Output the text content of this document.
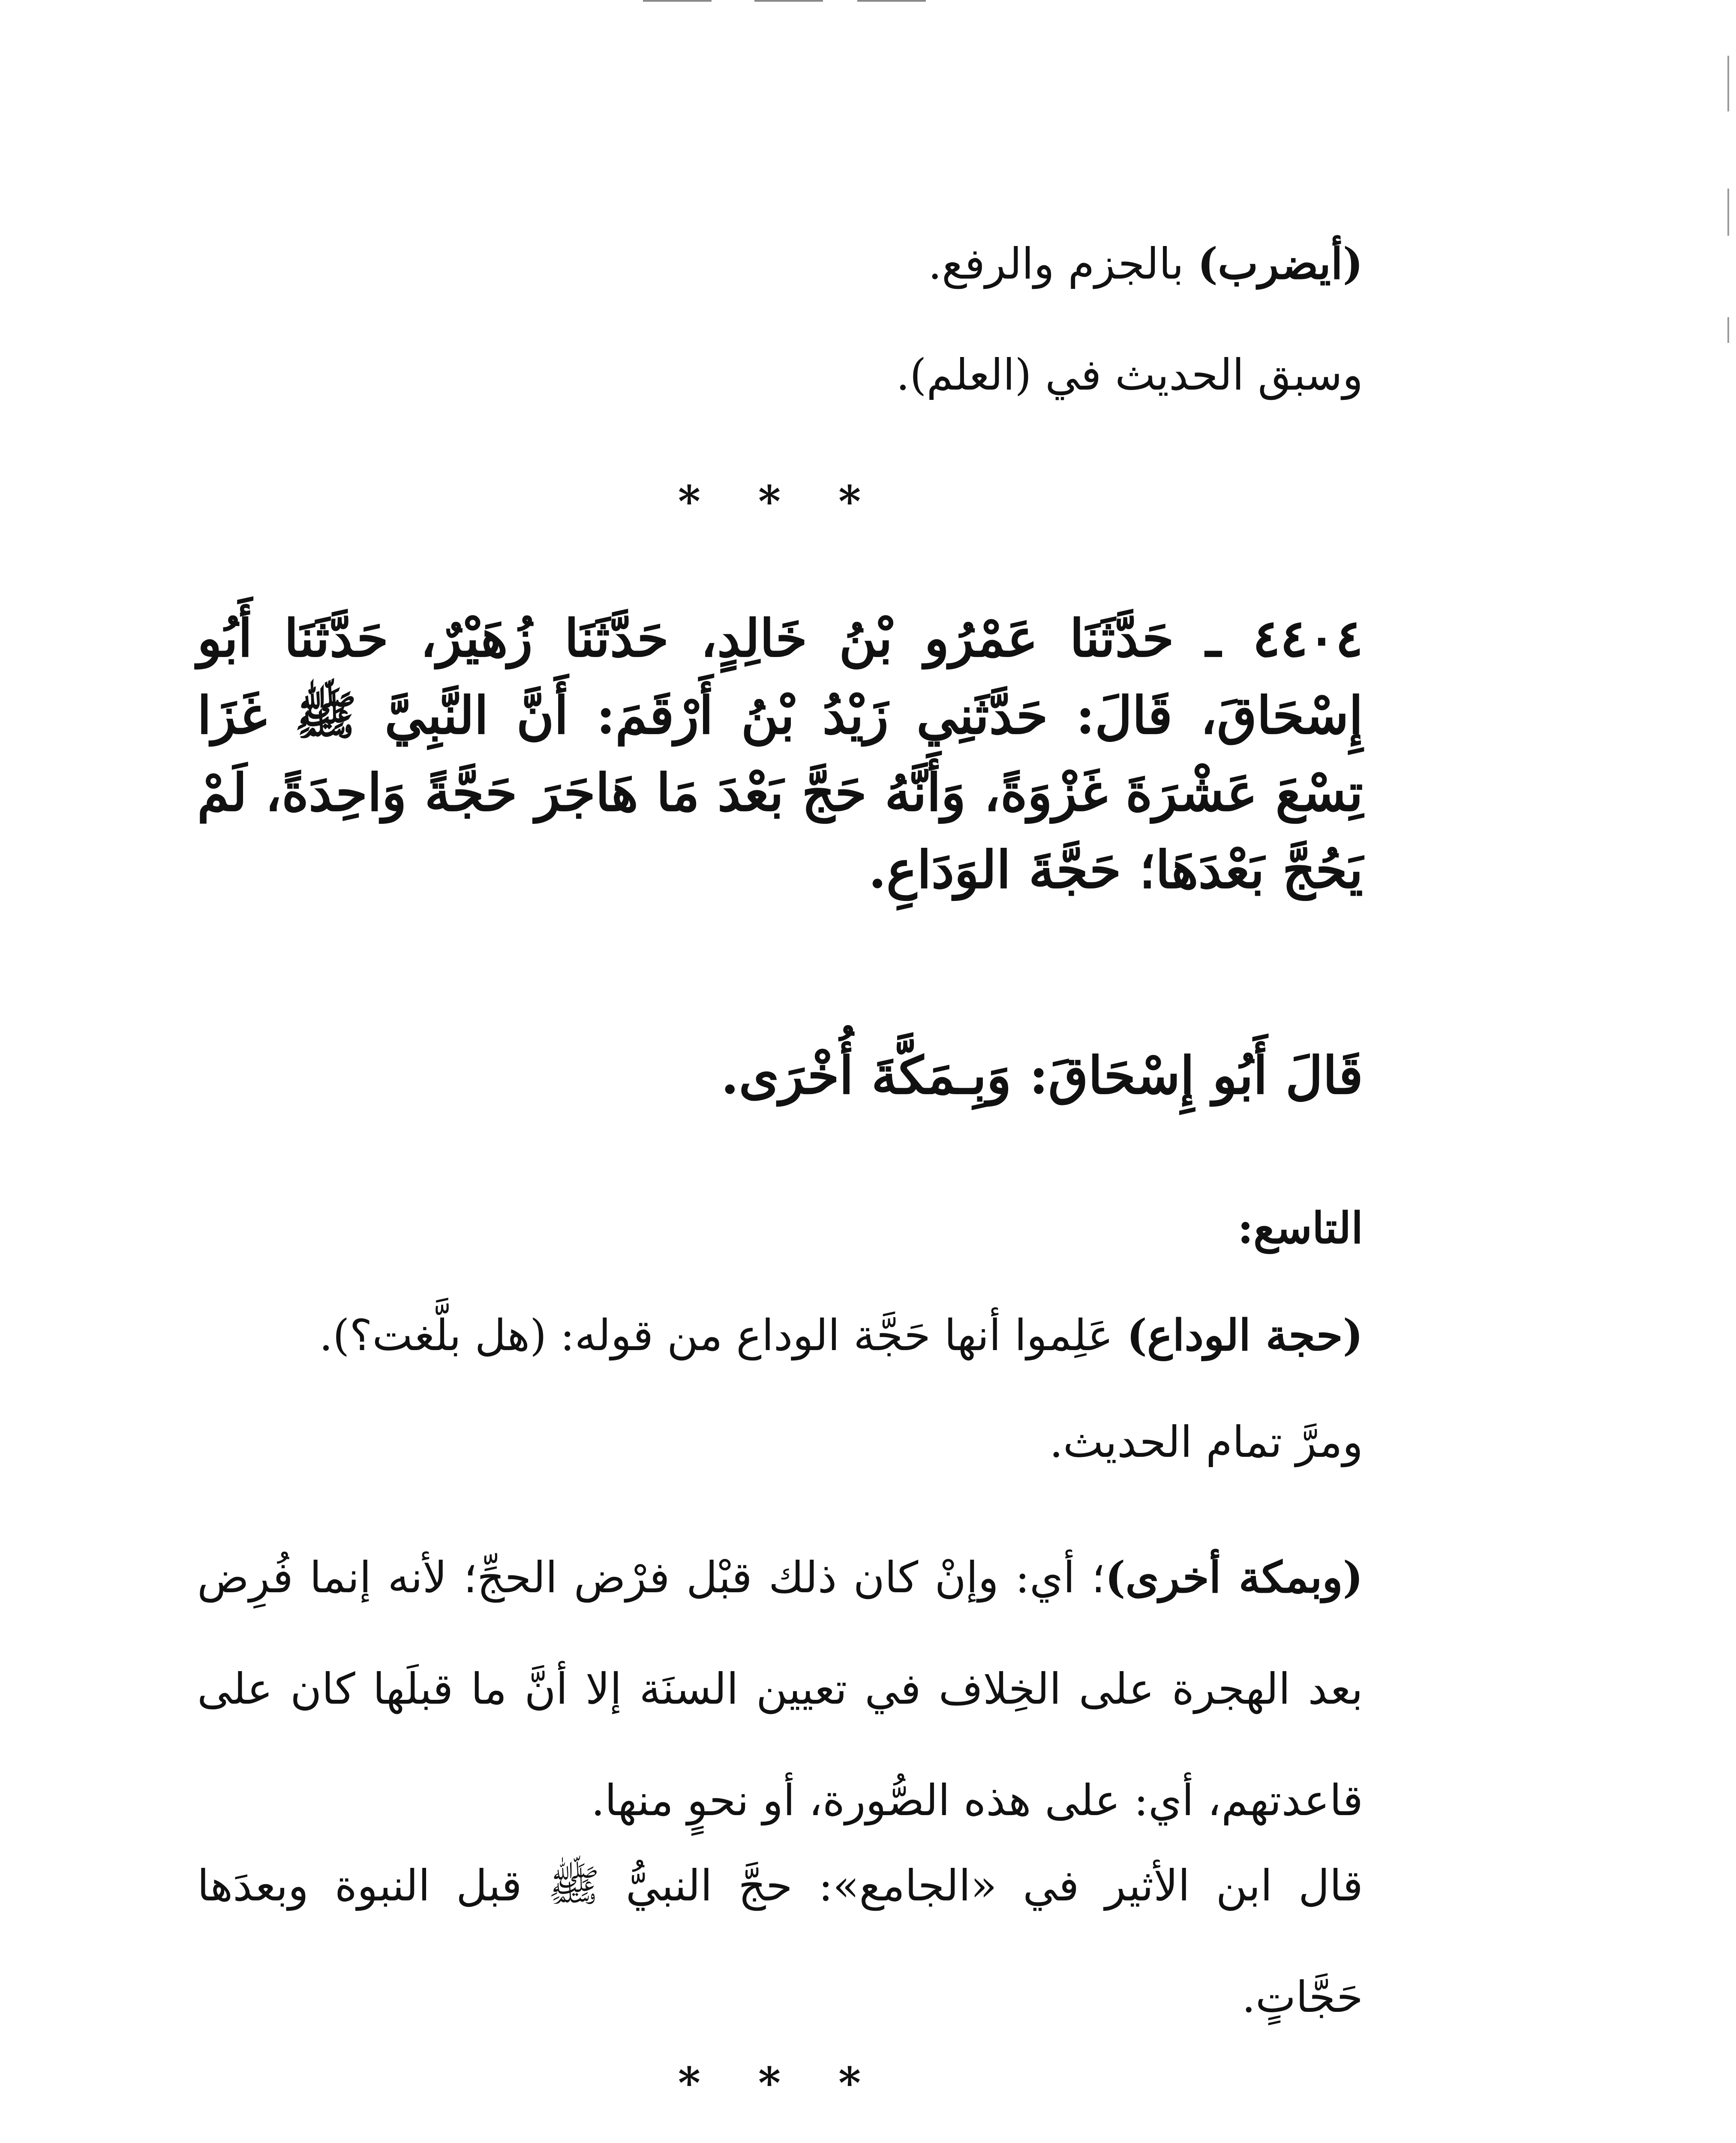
(أيضرب) بالجزم والرفع.
وسبق الحديث في (العلم).
* * *
٤٤٠٤ ـ حَدَّثَنَا عَمْرُو بْنُ خَالِدٍ، حَدَّثَنَا زُهَيْرٌ، حَدَّثَنَا أَبُو إِسْحَاقَ، قَالَ: حَدَّثَنِي زَيْدُ بْنُ أَرْقَمَ: أَنَّ النَّبِيَّ ﷺ غَزَا تِسْعَ عَشْرَةَ غَزْوَةً، وَأَنَّهُ حَجَّ بَعْدَ مَا هَاجَرَ حَجَّةً وَاحِدَةً، لَمْ يَحُجَّ بَعْدَهَا؛ حَجَّةَ الوَدَاعِ.
قَالَ أَبُو إِسْحَاقَ: وَبِـمَكَّةَ أُخْرَى.
التاسع:
(حجة الوداع) عَلِموا أنها حَجَّة الوداع من قوله: (هل بلَّغت؟).
ومرَّ تمام الحديث.
(وبمكة أخرى)؛ أي: وإنْ كان ذلك قبْل فرْض الحجِّ؛ لأنه إنما فُرِض بعد الهجرة على الخِلاف في تعيين السنَة إلا أنَّ ما قبلَها كان على قاعدتهم، أي: على هذه الصُّورة، أو نحوٍ منها.
قال ابن الأثير في «الجامع»: حجَّ النبيُّ ﷺ قبل النبوة وبعدَها حَجَّاتٍ.
* * *
